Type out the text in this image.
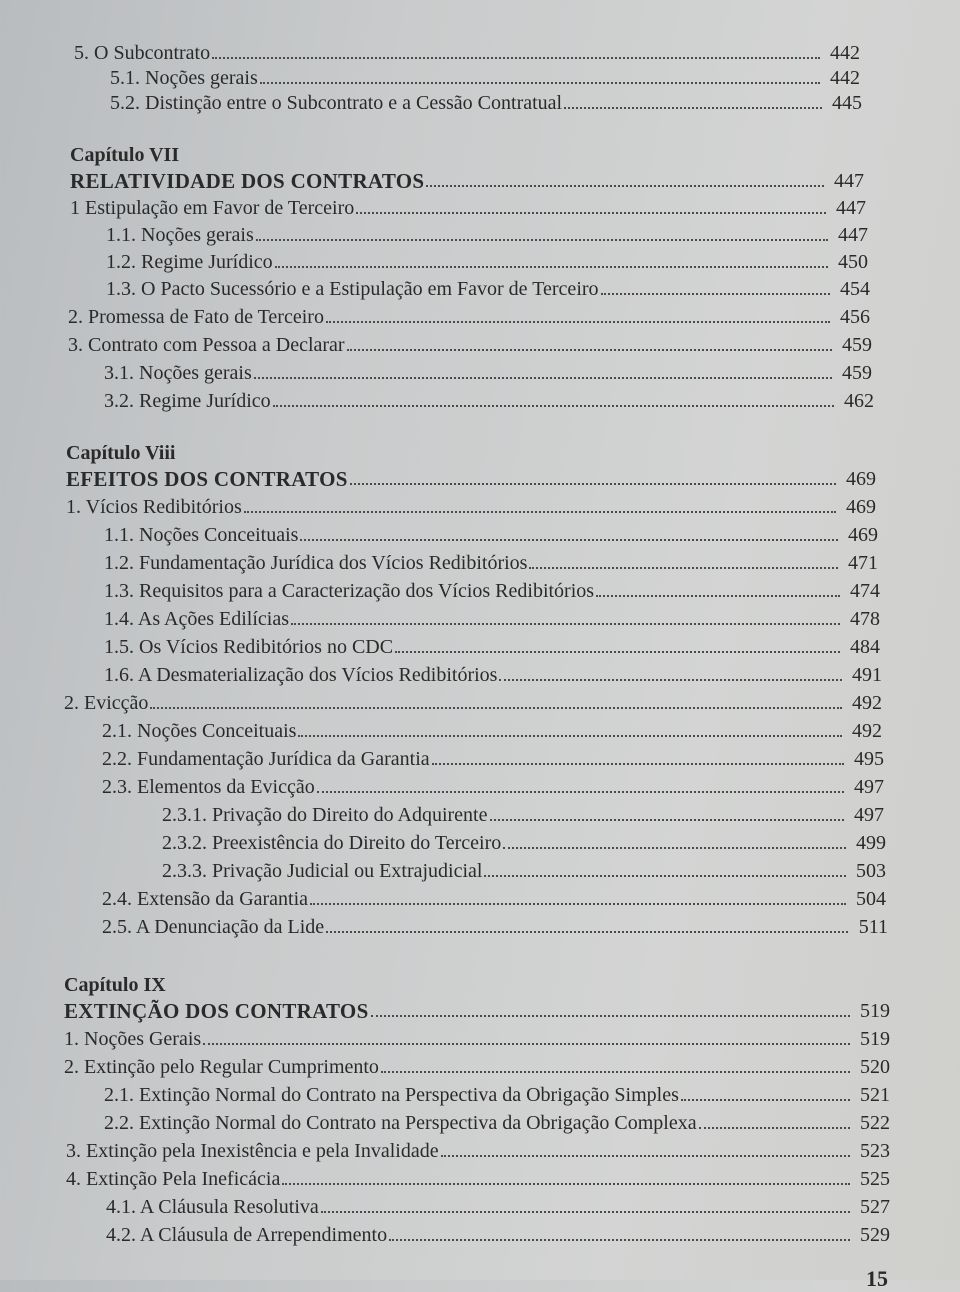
5. O Subcontrato	442
5.1. Noções gerais	442
5.2. Distinção entre o Subcontrato e a Cessão Contratual	445
Capítulo VII
RELATIVIDADE DOS CONTRATOS	447
1 Estipulação em Favor de Terceiro	447
1.1. Noções gerais	447
1.2. Regime Jurídico	450
1.3. O Pacto Sucessório e a Estipulação em Favor de Terceiro	454
2. Promessa de Fato de Terceiro	456
3. Contrato com Pessoa a Declarar	459
3.1. Noções gerais	459
3.2. Regime Jurídico	462
Capítulo Viii
EFEITOS DOS CONTRATOS	469
1. Vícios Redibitórios	469
1.1. Noções Conceituais	469
1.2. Fundamentação Jurídica dos Vícios Redibitórios	471
1.3. Requisitos para a Caracterização dos Vícios Redibitórios	474
1.4. As Ações Edilícias	478
1.5. Os Vícios Redibitórios no CDC	484
1.6. A Desmaterialização dos Vícios Redibitórios	491
2. Evicção	492
2.1. Noções Conceituais	492
2.2. Fundamentação Jurídica da Garantia	495
2.3. Elementos da Evicção	497
2.3.1. Privação do Direito do Adquirente	497
2.3.2. Preexistência do Direito do Terceiro	499
2.3.3. Privação Judicial ou Extrajudicial	503
2.4. Extensão da Garantia	504
2.5. A Denunciação da Lide	511
Capítulo IX
EXTINÇÃO DOS CONTRATOS	519
1. Noções Gerais	519
2. Extinção pelo Regular Cumprimento	520
2.1. Extinção Normal do Contrato na Perspectiva da Obrigação Simples	521
2.2. Extinção Normal do Contrato na Perspectiva da Obrigação Complexa	522
3. Extinção pela Inexistência e pela Invalidade	523
4. Extinção Pela Ineficácia	525
4.1. A Cláusula Resolutiva	527
4.2. A Cláusula de Arrependimento	529
15
